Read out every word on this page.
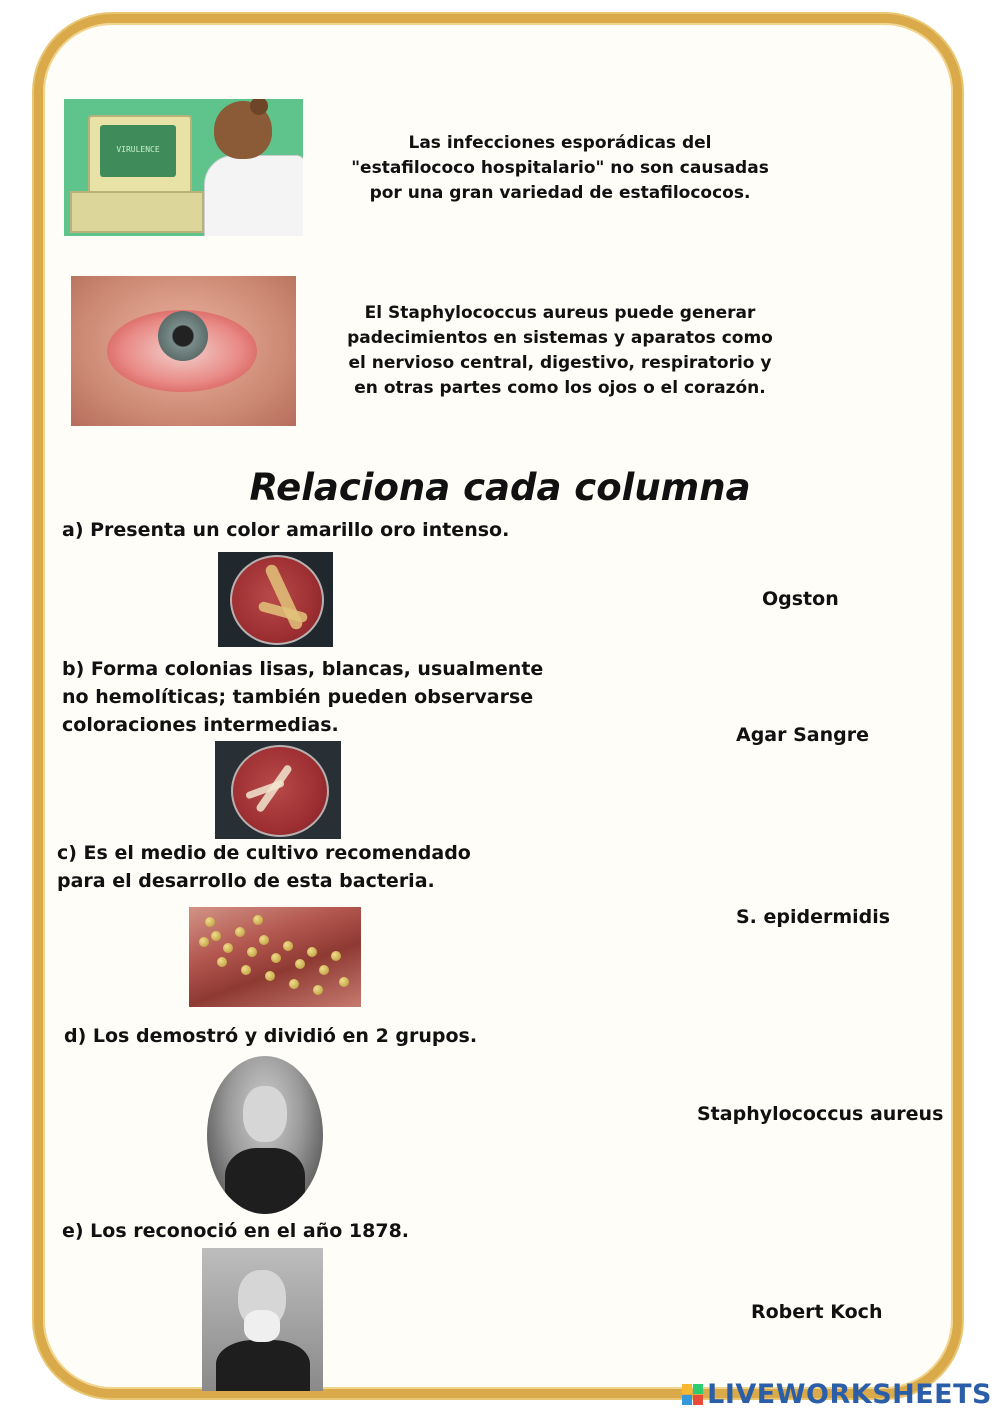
VIRULENCE	Las infecciones esporádicas del
"estafilococo hospitalario" no son causadas
por una gran variedad de estafilococos.
El Staphylococcus aureus puede generar
padecimientos en sistemas y aparatos como
el nervioso central, digestivo, respiratorio y
en otras partes como los ojos o el corazón.
Relaciona cada columna
a) Presenta un color amarillo oro intenso.
b) Forma colonias lisas, blancas, usualmente
no hemolíticas; también pueden observarse
coloraciones intermedias.
c) Es el medio de cultivo recomendado
para el desarrollo de esta bacteria.
d) Los demostró y dividió en 2 grupos.
e) Los reconoció en el año 1878.
Ogston
Agar Sangre
S. epidermidis
Staphylococcus aureus
Robert Koch
LIVEWORKSHEETS
